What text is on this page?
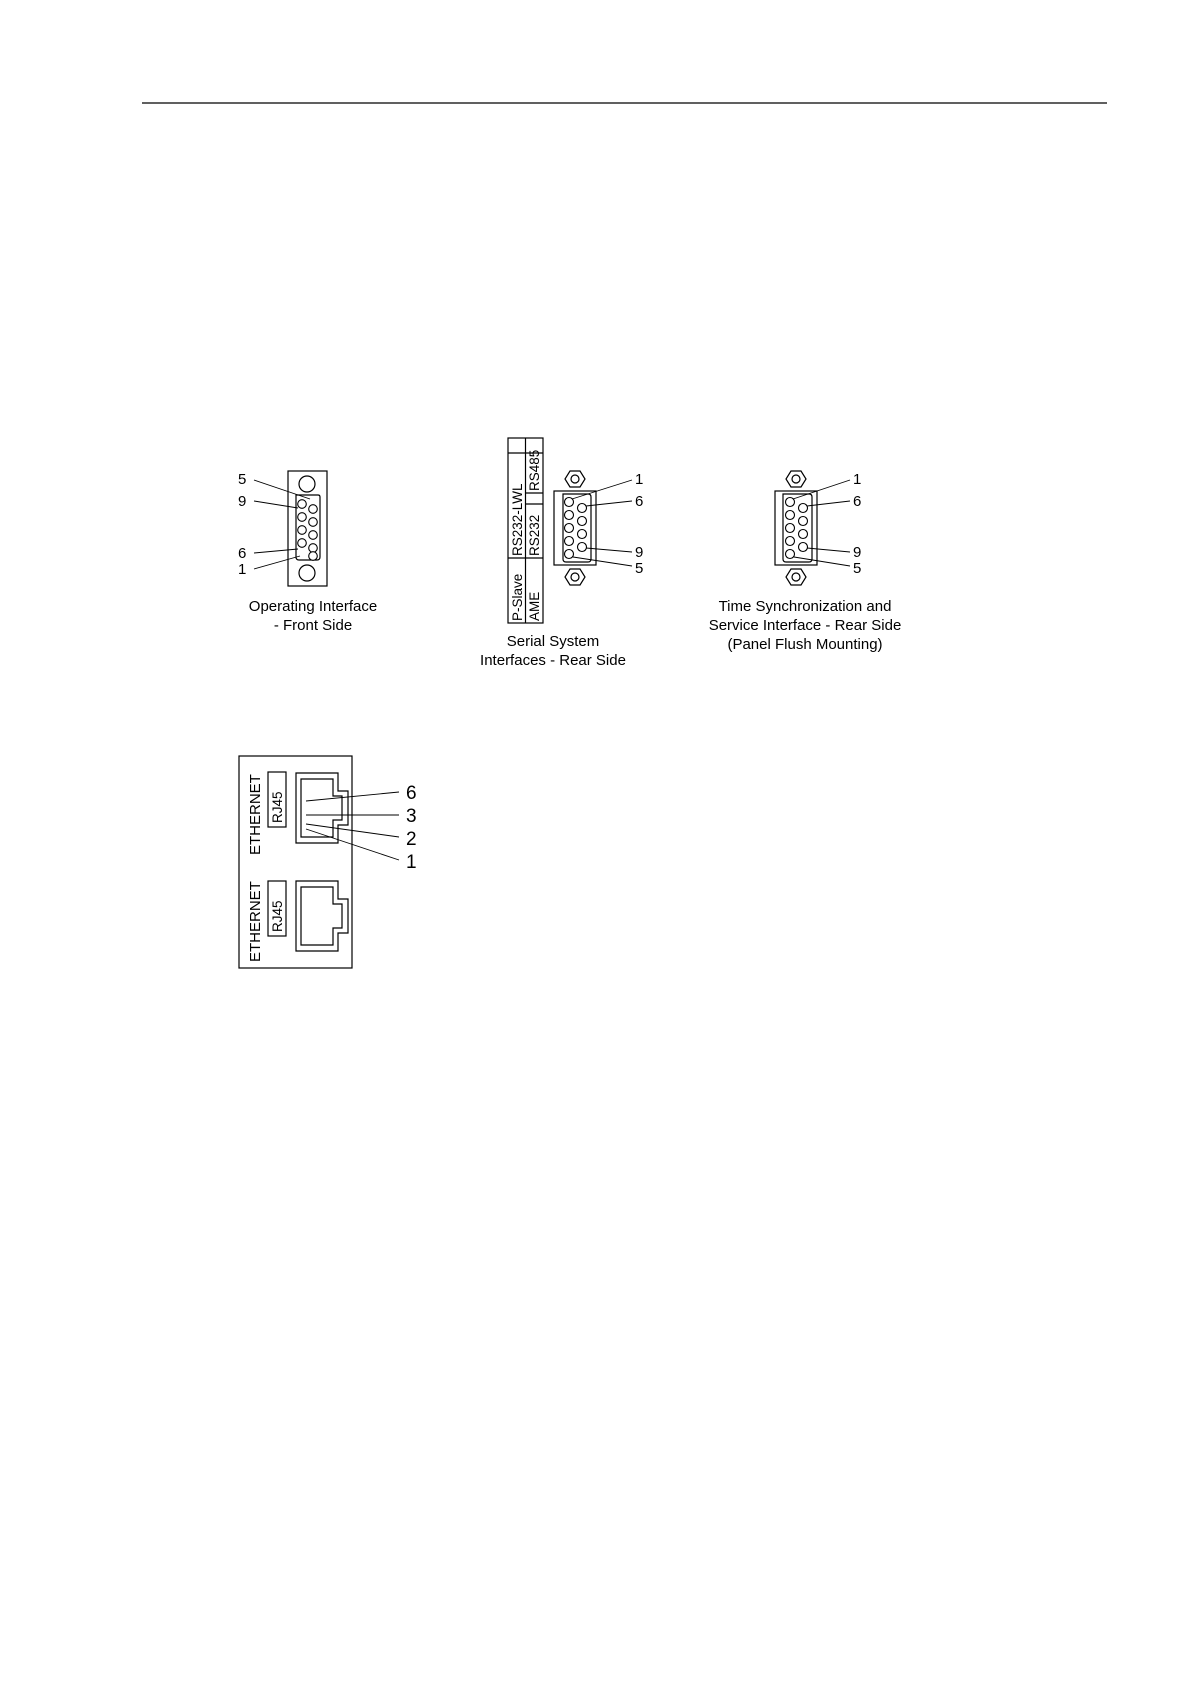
5
9
6
1
Operating Interface
- Front Side
RS232-LWL RS232
RS485
P-Slave AME
1
6
9
5
Serial System
Interfaces - Rear Side
1
6
9
5
Time Synchronization and
Service Interface - Rear Side
(Panel Flush Mounting)
ETHERNET RJ45
ETHERNET RJ45
6
3
2
1
